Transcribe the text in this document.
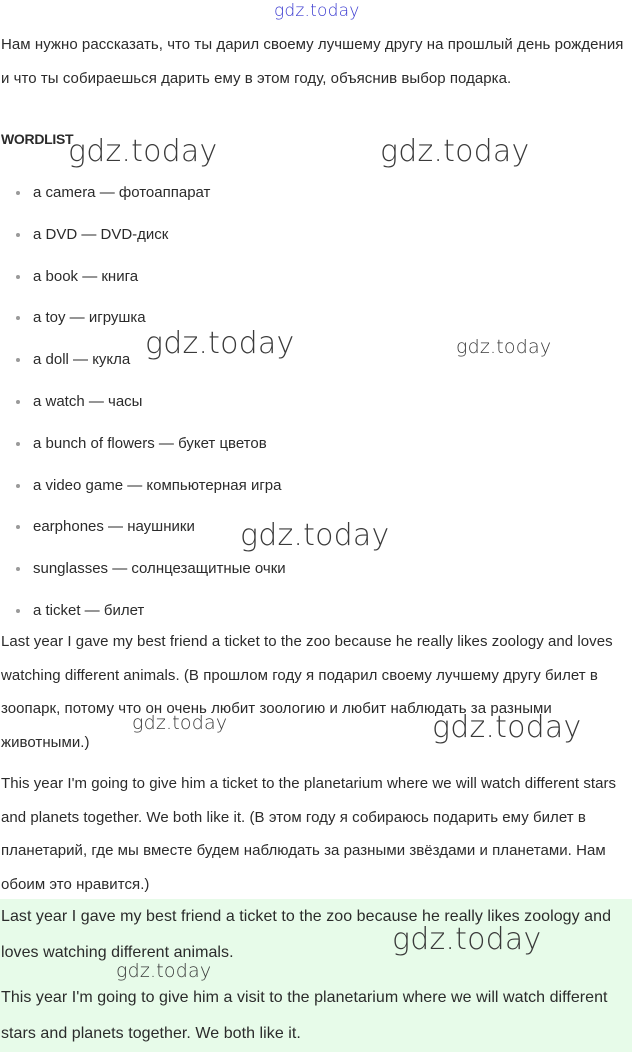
Нам нужно рассказать, что ты дарил своему лучшему другу на прошлый день рождения и что ты собираешься дарить ему в этом году, объяснив выбор подарка.

WORDLIST

a camera — фотоаппарат
a DVD — DVD-диск
a book — книга
a toy — игрушка
a doll — кукла
a watch — часы
a bunch of flowers — букет цветов
a video game — компьютерная игра
earphones — наушники
sunglasses — солнцезащитные очки
a ticket — билет

Last year I gave my best friend a ticket to the zoo because he really likes zoology and loves watching different animals. (В прошлом году я подарил своему лучшему другу билет в зоопарк, потому что он очень любит зоологию и любит наблюдать за разными животными.)

This year I'm going to give him a ticket to the planetarium where we will watch different stars and planets together. We both like it. (В этом году я собираюсь подарить ему билет в планетарий, где мы вместе будем наблюдать за разными звёздами и планетами. Нам обоим это нравится.)

Last year I gave my best friend a ticket to the zoo because he really likes zoology and loves watching different animals.

This year I'm going to give him a visit to the planetarium where we will watch different stars and planets together. We both like it.

gdz.today
gdz.today	gdz.today
gdz.today	gdz.today
gdz.today
gdz.today	gdz.today
gdz.today
gdz.today
